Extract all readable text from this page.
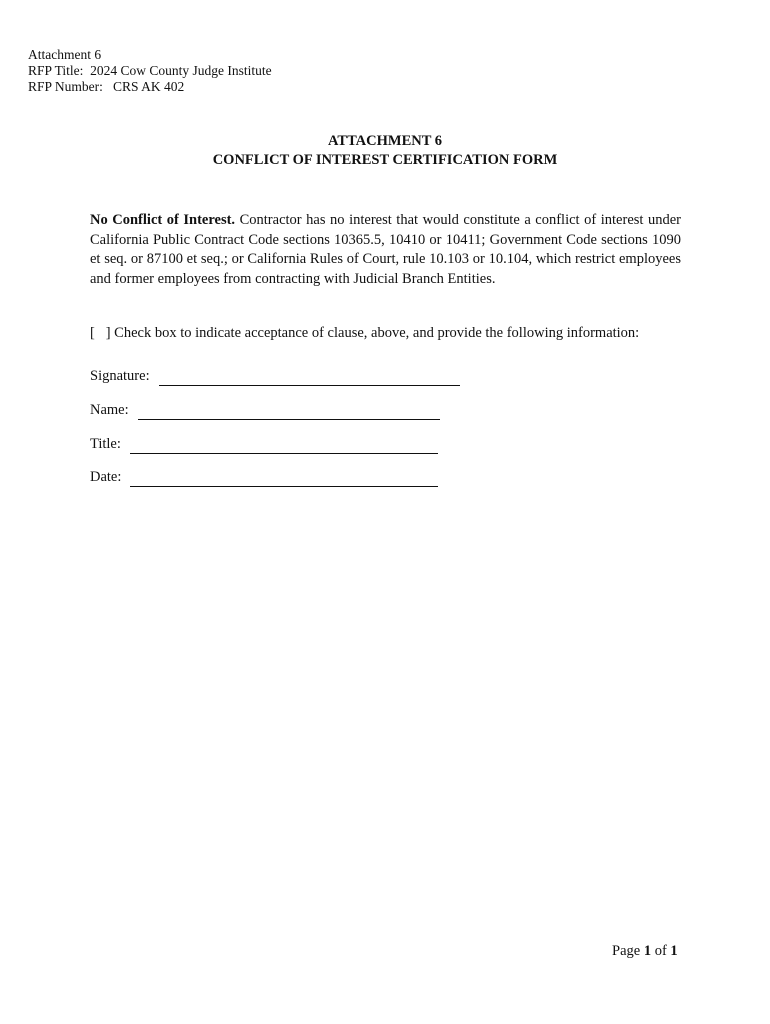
Attachment 6
RFP Title:  2024 Cow County Judge Institute
RFP Number:   CRS AK 402
ATTACHMENT 6
CONFLICT OF INTEREST CERTIFICATION FORM
No Conflict of Interest. Contractor has no interest that would constitute a conflict of interest under California Public Contract Code sections 10365.5, 10410 or 10411; Government Code sections 1090 et seq. or 87100 et seq.; or California Rules of Court, rule 10.103 or 10.104, which restrict employees and former employees from contracting with Judicial Branch Entities.
[   ] Check box to indicate acceptance of clause, above, and provide the following information:
Signature:
Name:
Title:
Date:
Page 1 of 1
